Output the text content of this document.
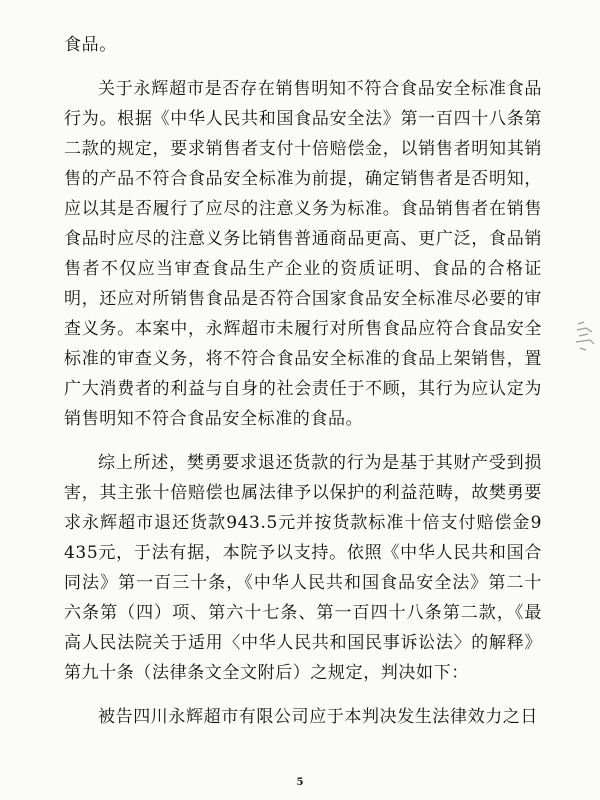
食品。

关于永辉超市是否存在销售明知不符合食品安全标准食品行为。根据《中华人民共和国食品安全法》第一百四十八条第二款的规定，要求销售者支付十倍赔偿金，以销售者明知其销售的产品不符合食品安全标准为前提，确定销售者是否明知，应以其是否履行了应尽的注意义务为标准。食品销售者在销售食品时应尽的注意义务比销售普通商品更高、更广泛，食品销售者不仅应当审查食品生产企业的资质证明、食品的合格证明，还应对所销售食品是否符合国家食品安全标准尽必要的审查义务。本案中，永辉超市未履行对所售食品应符合食品安全标准的审查义务，将不符合食品安全标准的食品上架销售，置广大消费者的利益与自身的社会责任于不顾，其行为应认定为销售明知不符合食品安全标准的食品。

综上所述，樊勇要求退还货款的行为是基于其财产受到损害，其主张十倍赔偿也属法律予以保护的利益范畴，故樊勇要求永辉超市退还货款943.5元并按货款标准十倍支付赔偿金9 435元，于法有据，本院予以支持。依照《中华人民共和国合同法》第一百三十条，《中华人民共和国食品安全法》第二十六条第（四）项、第六十七条、第一百四十八条第二款，《最高人民法院关于适用〈中华人民共和国民事诉讼法〉的解释》第九十条（法律条文全文附后）之规定，判决如下：

被告四川永辉超市有限公司应于本判决发生法律效力之日

5
